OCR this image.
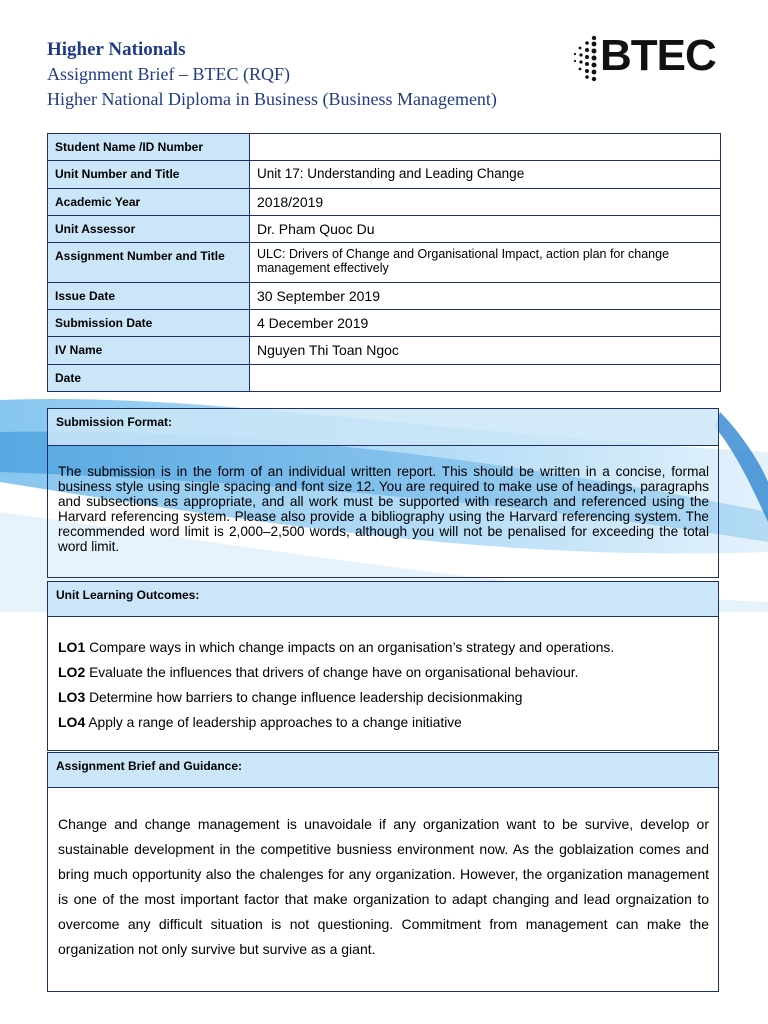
Higher Nationals
Assignment Brief – BTEC (RQF)
Higher National Diploma in Business (Business Management)
BTEC
Student Name /ID Number	
Unit Number and Title	Unit 17: Understanding and Leading Change
Academic Year	2018/2019
Unit Assessor	Dr. Pham Quoc Du
Assignment Number and Title	ULC: Drivers of Change and Organisational Impact, action plan for change management effectively
Issue Date	30 September 2019
Submission Date	4 December 2019
IV Name	Nguyen Thi Toan Ngoc
Date	
Submission Format:
The submission is in the form of an individual written report. This should be written in a concise, formal business style using single spacing and font size 12. You are required to make use of headings, paragraphs and subsections as appropriate, and all work must be supported with research and referenced using the Harvard referencing system. Please also provide a bibliography using the Harvard referencing system. The recommended word limit is 2,000–2,500 words, although you will not be penalised for exceeding the total word limit.
Unit Learning Outcomes:
LO1 Compare ways in which change impacts on an organisation’s strategy and operations.
LO2 Evaluate the influences that drivers of change have on organisational behaviour.
LO3 Determine how barriers to change influence leadership decisionmaking
LO4 Apply a range of leadership approaches to a change initiative
Assignment Brief and Guidance:
Change and change management is unavoidale if any organization want to be survive, develop or sustainable development in the competitive busniess environment now. As the goblaization comes and bring much opportunity also the chalenges for any organization. However, the organization management is one of the most important factor that make organization to adapt changing and lead orgnaization to overcome any difficult situation is not questioning. Commitment from management can make the organization not only survive but survive as a giant.
